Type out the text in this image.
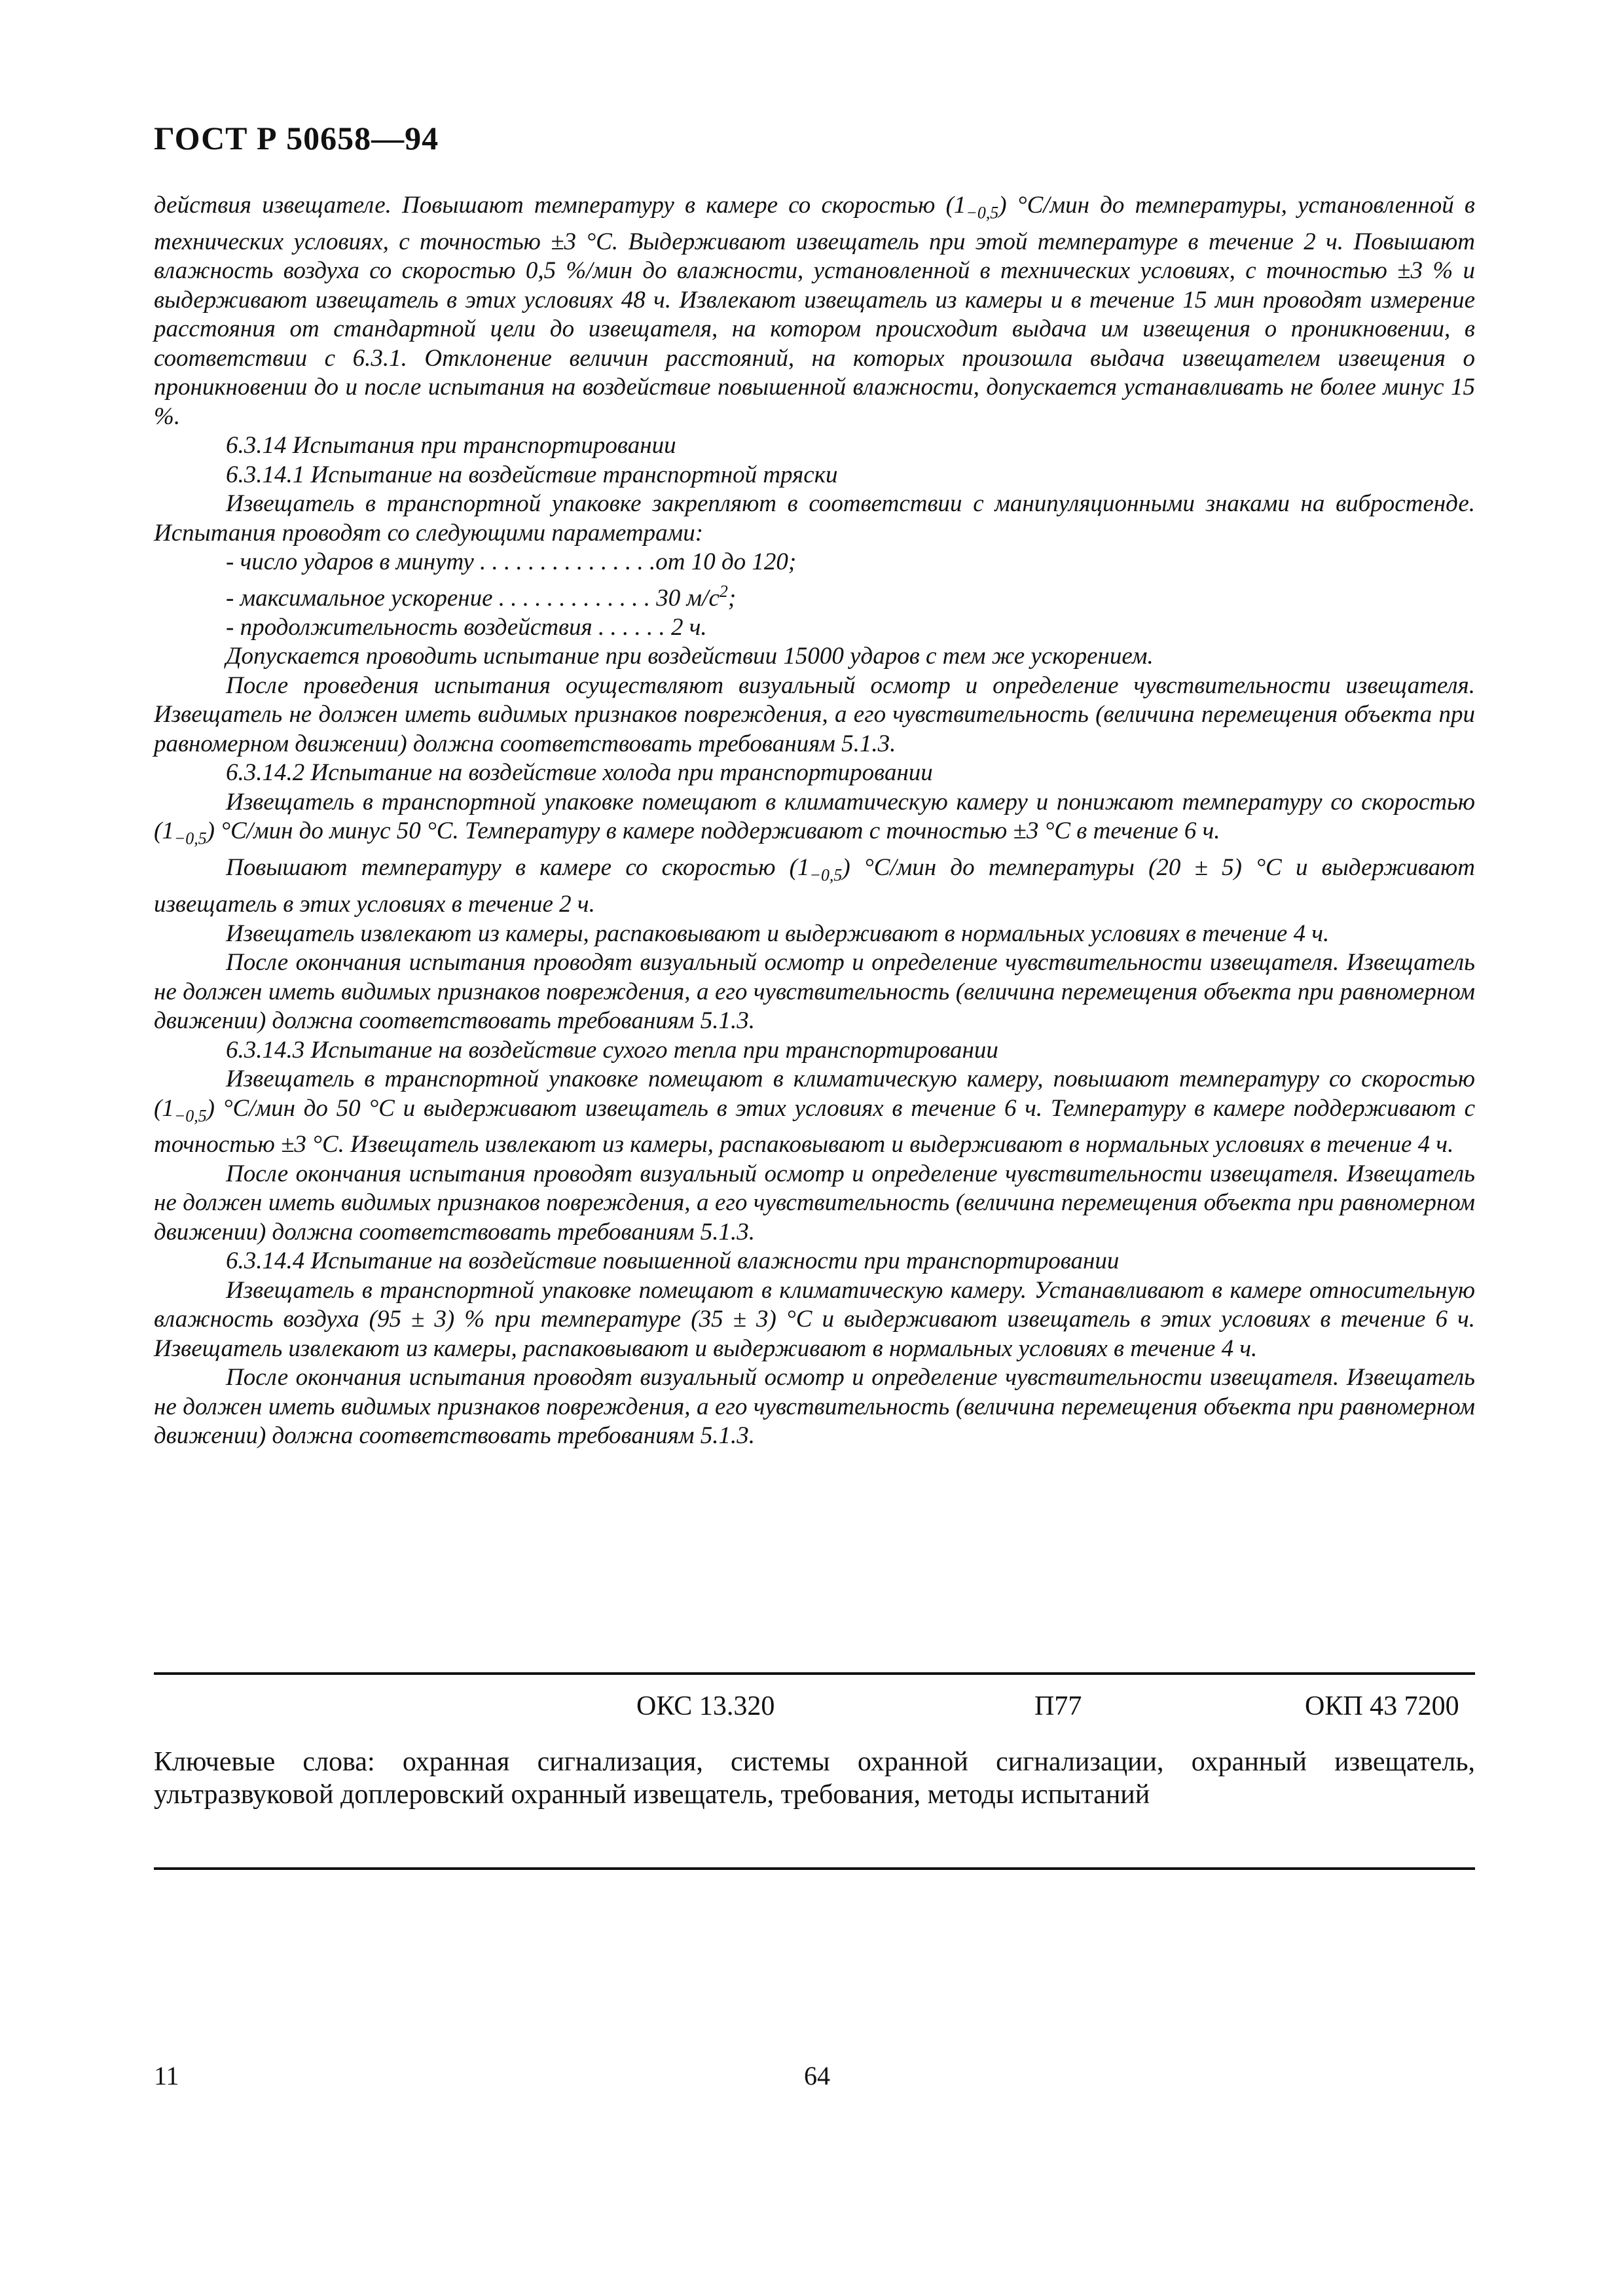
ГОСТ Р 50658—94

действия извещателе. Повышают температуру в камере со скоростью $(1_{-0,5})$ °С/мин до температуры, установленной в технических условиях, с точностью ±3 °С. Выдерживают извещатель при этой температуре в течение 2 ч. Повышают влажность воздуха со скоростью 0,5 %/мин до влажности, установленной в технических условиях, с точностью ±3 % и выдерживают извещатель в этих условиях 48 ч. Извлекают извещатель из камеры и в течение 15 мин проводят измерение расстояния от стандартной цели до извещателя, на котором происходит выдача им извещения о проникновении, в соответствии с 6.3.1. Отклонение величин расстояний, на которых произошла выдача извещателем извещения о проникновении до и после испытания на воздействие повышенной влажности, допускается устанавливать не более минус 15 %.

6.3.14 Испытания при транспортировании

6.3.14.1 Испытание на воздействие транспортной тряски

Извещатель в транспортной упаковке закрепляют в соответствии с манипуляционными знаками на вибростенде. Испытания проводят со следующими параметрами:

- число ударов в минуту . . . . . . . . . . . . . . .от 10 до 120;

- максимальное ускорение . . . . . . . . . . . . . 30 $м/с^2$;

- продолжительность воздействия . . . . . . 2 ч.

Допускается проводить испытание при воздействии 15000 ударов с тем же ускорением.

После проведения испытания осуществляют визуальный осмотр и определение чувствительности извещателя. Извещатель не должен иметь видимых признаков повреждения, а его чувствительность (величина перемещения объекта при равномерном движении) должна соответствовать требованиям 5.1.3.

6.3.14.2 Испытание на воздействие холода при транспортировании

Извещатель в транспортной упаковке помещают в климатическую камеру и понижают температуру со скоростью $(1_{-0,5})$ °С/мин до минус 50 °С. Температуру в камере поддерживают с точностью ±3 °С в течение 6 ч.

Повышают температуру в камере со скоростью $(1_{-0,5})$ °С/мин до температуры (20 ± 5) °С и выдерживают извещатель в этих условиях в течение 2 ч.

Извещатель извлекают из камеры, распаковывают и выдерживают в нормальных условиях в течение 4 ч.

После окончания испытания проводят визуальный осмотр и определение чувствительности извещателя. Извещатель не должен иметь видимых признаков повреждения, а его чувствительность (величина перемещения объекта при равномерном движении) должна соответствовать требованиям 5.1.3.

6.3.14.3 Испытание на воздействие сухого тепла при транспортировании

Извещатель в транспортной упаковке помещают в климатическую камеру, повышают температуру со скоростью $(1_{-0,5})$ °С/мин до 50 °С и выдерживают извещатель в этих условиях в течение 6 ч. Температуру в камере поддерживают с точностью ±3 °С. Извещатель извлекают из камеры, распаковывают и выдерживают в нормальных условиях в течение 4 ч.

После окончания испытания проводят визуальный осмотр и определение чувствительности извещателя. Извещатель не должен иметь видимых признаков повреждения, а его чувствительность (величина перемещения объекта при равномерном движении) должна соответствовать требованиям 5.1.3.

6.3.14.4 Испытание на воздействие повышенной влажности при транспортировании

Извещатель в транспортной упаковке помещают в климатическую камеру. Устанавливают в камере относительную влажность воздуха (95 ± 3) % при температуре (35 ± 3) °С и выдерживают извещатель в этих условиях в течение 6 ч. Извещатель извлекают из камеры, распаковывают и выдерживают в нормальных условиях в течение 4 ч.

После окончания испытания проводят визуальный осмотр и определение чувствительности извещателя. Извещатель не должен иметь видимых признаков повреждения, а его чувствительность (величина перемещения объекта при равномерном движении) должна соответствовать требованиям 5.1.3.

ОКС 13.320	П77	ОКП 43 7200
Ключевые слова: охранная сигнализация, системы охранной сигнализации, охранный извещатель, ультразвуковой доплеровский охранный извещатель, требования, методы испытаний
11	64
